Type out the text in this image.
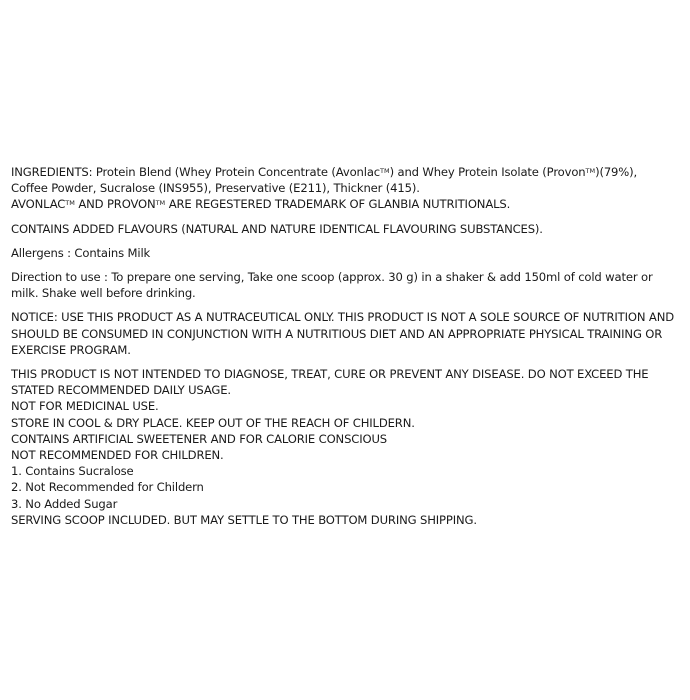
INGREDIENTS: Protein Blend (Whey Protein Concentrate (Avonlac™) and Whey Protein Isolate (Provon™)(79%),

Coffee Powder, Sucralose (INS955), Preservative (E211), Thickner (415).

AVONLAC™ AND PROVON™ ARE REGESTERED TRADEMARK OF GLANBIA NUTRITIONALS.

CONTAINS ADDED FLAVOURS (NATURAL AND NATURE IDENTICAL FLAVOURING SUBSTANCES).

Allergens : Contains Milk

Direction to use : To prepare one serving, Take one scoop (approx. 30 g) in a shaker & add 150ml of cold water or milk. Shake well before drinking.

NOTICE: USE THIS PRODUCT AS A NUTRACEUTICAL ONLY. THIS PRODUCT IS NOT A SOLE SOURCE OF NUTRITION AND SHOULD BE CONSUMED IN CONJUNCTION WITH A NUTRITIOUS DIET AND AN APPROPRIATE PHYSICAL TRAINING OR EXERCISE PROGRAM.

THIS PRODUCT IS NOT INTENDED TO DIAGNOSE, TREAT, CURE OR PREVENT ANY DISEASE. DO NOT EXCEED THE STATED RECOMMENDED DAILY USAGE.

NOT FOR MEDICINAL USE.

STORE IN COOL & DRY PLACE. KEEP OUT OF THE REACH OF CHILDERN.

CONTAINS ARTIFICIAL SWEETENER AND FOR CALORIE CONSCIOUS

NOT RECOMMENDED FOR CHILDREN.

1. Contains Sucralose

2. Not Recommended for Childern

3. No Added Sugar

SERVING SCOOP INCLUDED. BUT MAY SETTLE TO THE BOTTOM DURING SHIPPING.
